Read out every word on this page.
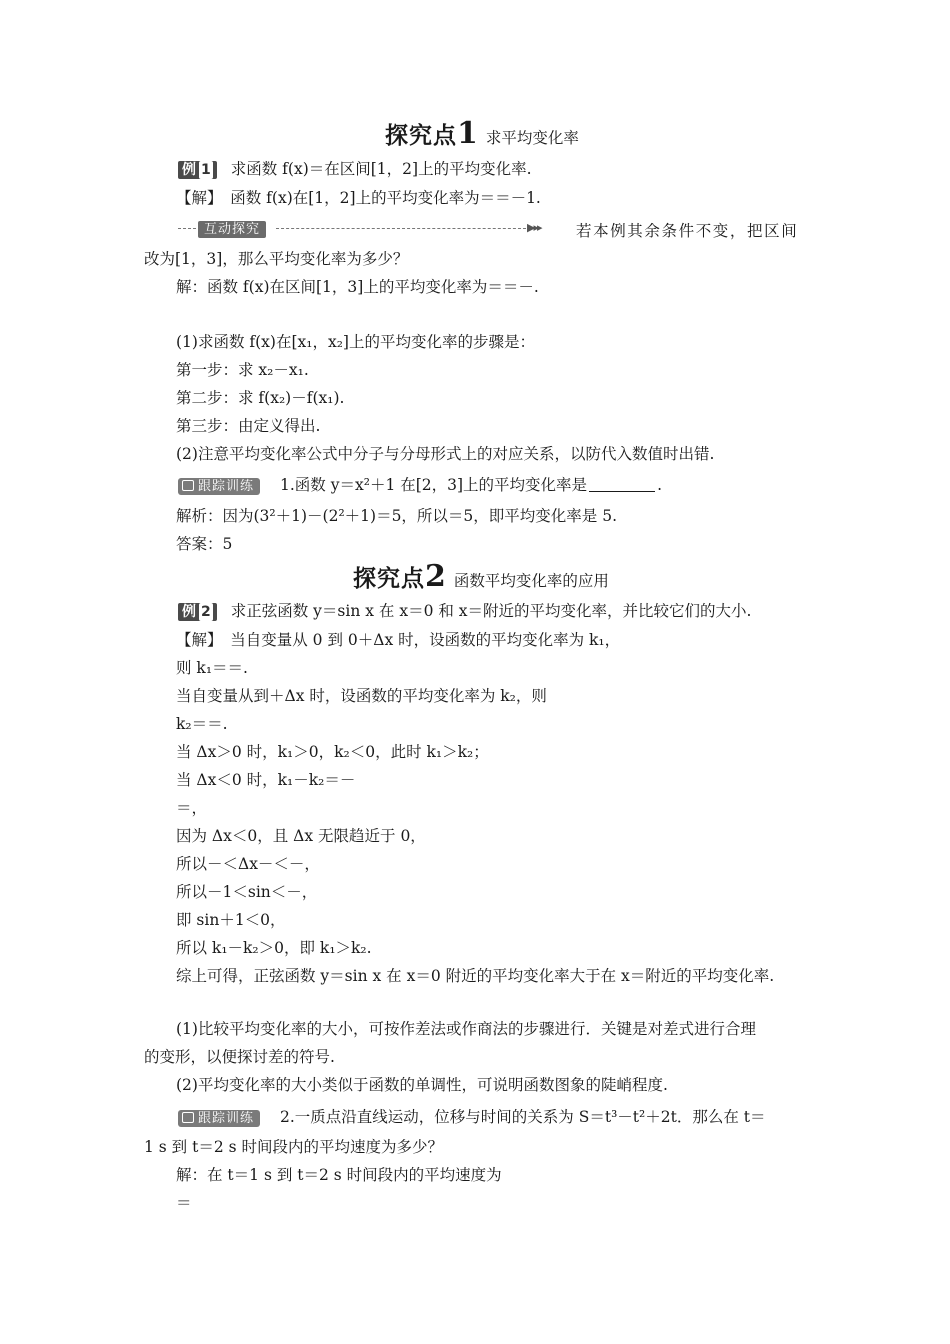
探究点1 求平均变化率
例 1 求函数 f(x)＝在区间[1，2]上的平均变化率.
【解】　函数 f(x)在[1，2]上的平均变化率为＝＝－1.
互动探究	▶▸▸ 若本例其余条件不变，把区间
改为[1，3]，那么平均变化率为多少？
解：函数 f(x)在区间[1，3]上的平均变化率为＝＝－.
(1)求函数 f(x)在[x₁，x₂]上的平均变化率的步骤是：
第一步：求 x₂－x₁.
第二步：求 f(x₂)－f(x₁).
第三步：由定义得出.
(2)注意平均变化率公式中分子与分母形式上的对应关系，以防代入数值时出错.
跟踪训练 1.函数 y＝x²＋1 在[2，3]上的平均变化率是	.
解析：因为(3²＋1)－(2²＋1)＝5，所以＝5，即平均变化率是 5.
答案：5
探究点2 函数平均变化率的应用
例 2 求正弦函数 y＝sin x 在 x＝0 和 x＝附近的平均变化率，并比较它们的大小.
【解】　当自变量从 0 到 0＋Δx 时，设函数的平均变化率为 k₁，
则 k₁＝＝.
当自变量从到＋Δx 时，设函数的平均变化率为 k₂，则
k₂＝＝.
当 Δx＞0 时，k₁＞0，k₂＜0，此时 k₁＞k₂；
当 Δx＜0 时，k₁－k₂＝－
＝，
因为 Δx＜0，且 Δx 无限趋近于 0，
所以－＜Δx－＜－，
所以－1＜sin＜－，
即 sin＋1＜0，
所以 k₁－k₂＞0，即 k₁＞k₂.
综上可得，正弦函数 y＝sin x 在 x＝0 附近的平均变化率大于在 x＝附近的平均变化率.
(1)比较平均变化率的大小，可按作差法或作商法的步骤进行．关键是对差式进行合理
的变形，以便探讨差的符号.
(2)平均变化率的大小类似于函数的单调性，可说明函数图象的陡峭程度.
跟踪训练 2.一质点沿直线运动，位移与时间的关系为 S＝t³－t²＋2t．那么在 t＝
1 s 到 t＝2 s 时间段内的平均速度为多少？
解：在 t＝1 s 到 t＝2 s 时间段内的平均速度为
＝
